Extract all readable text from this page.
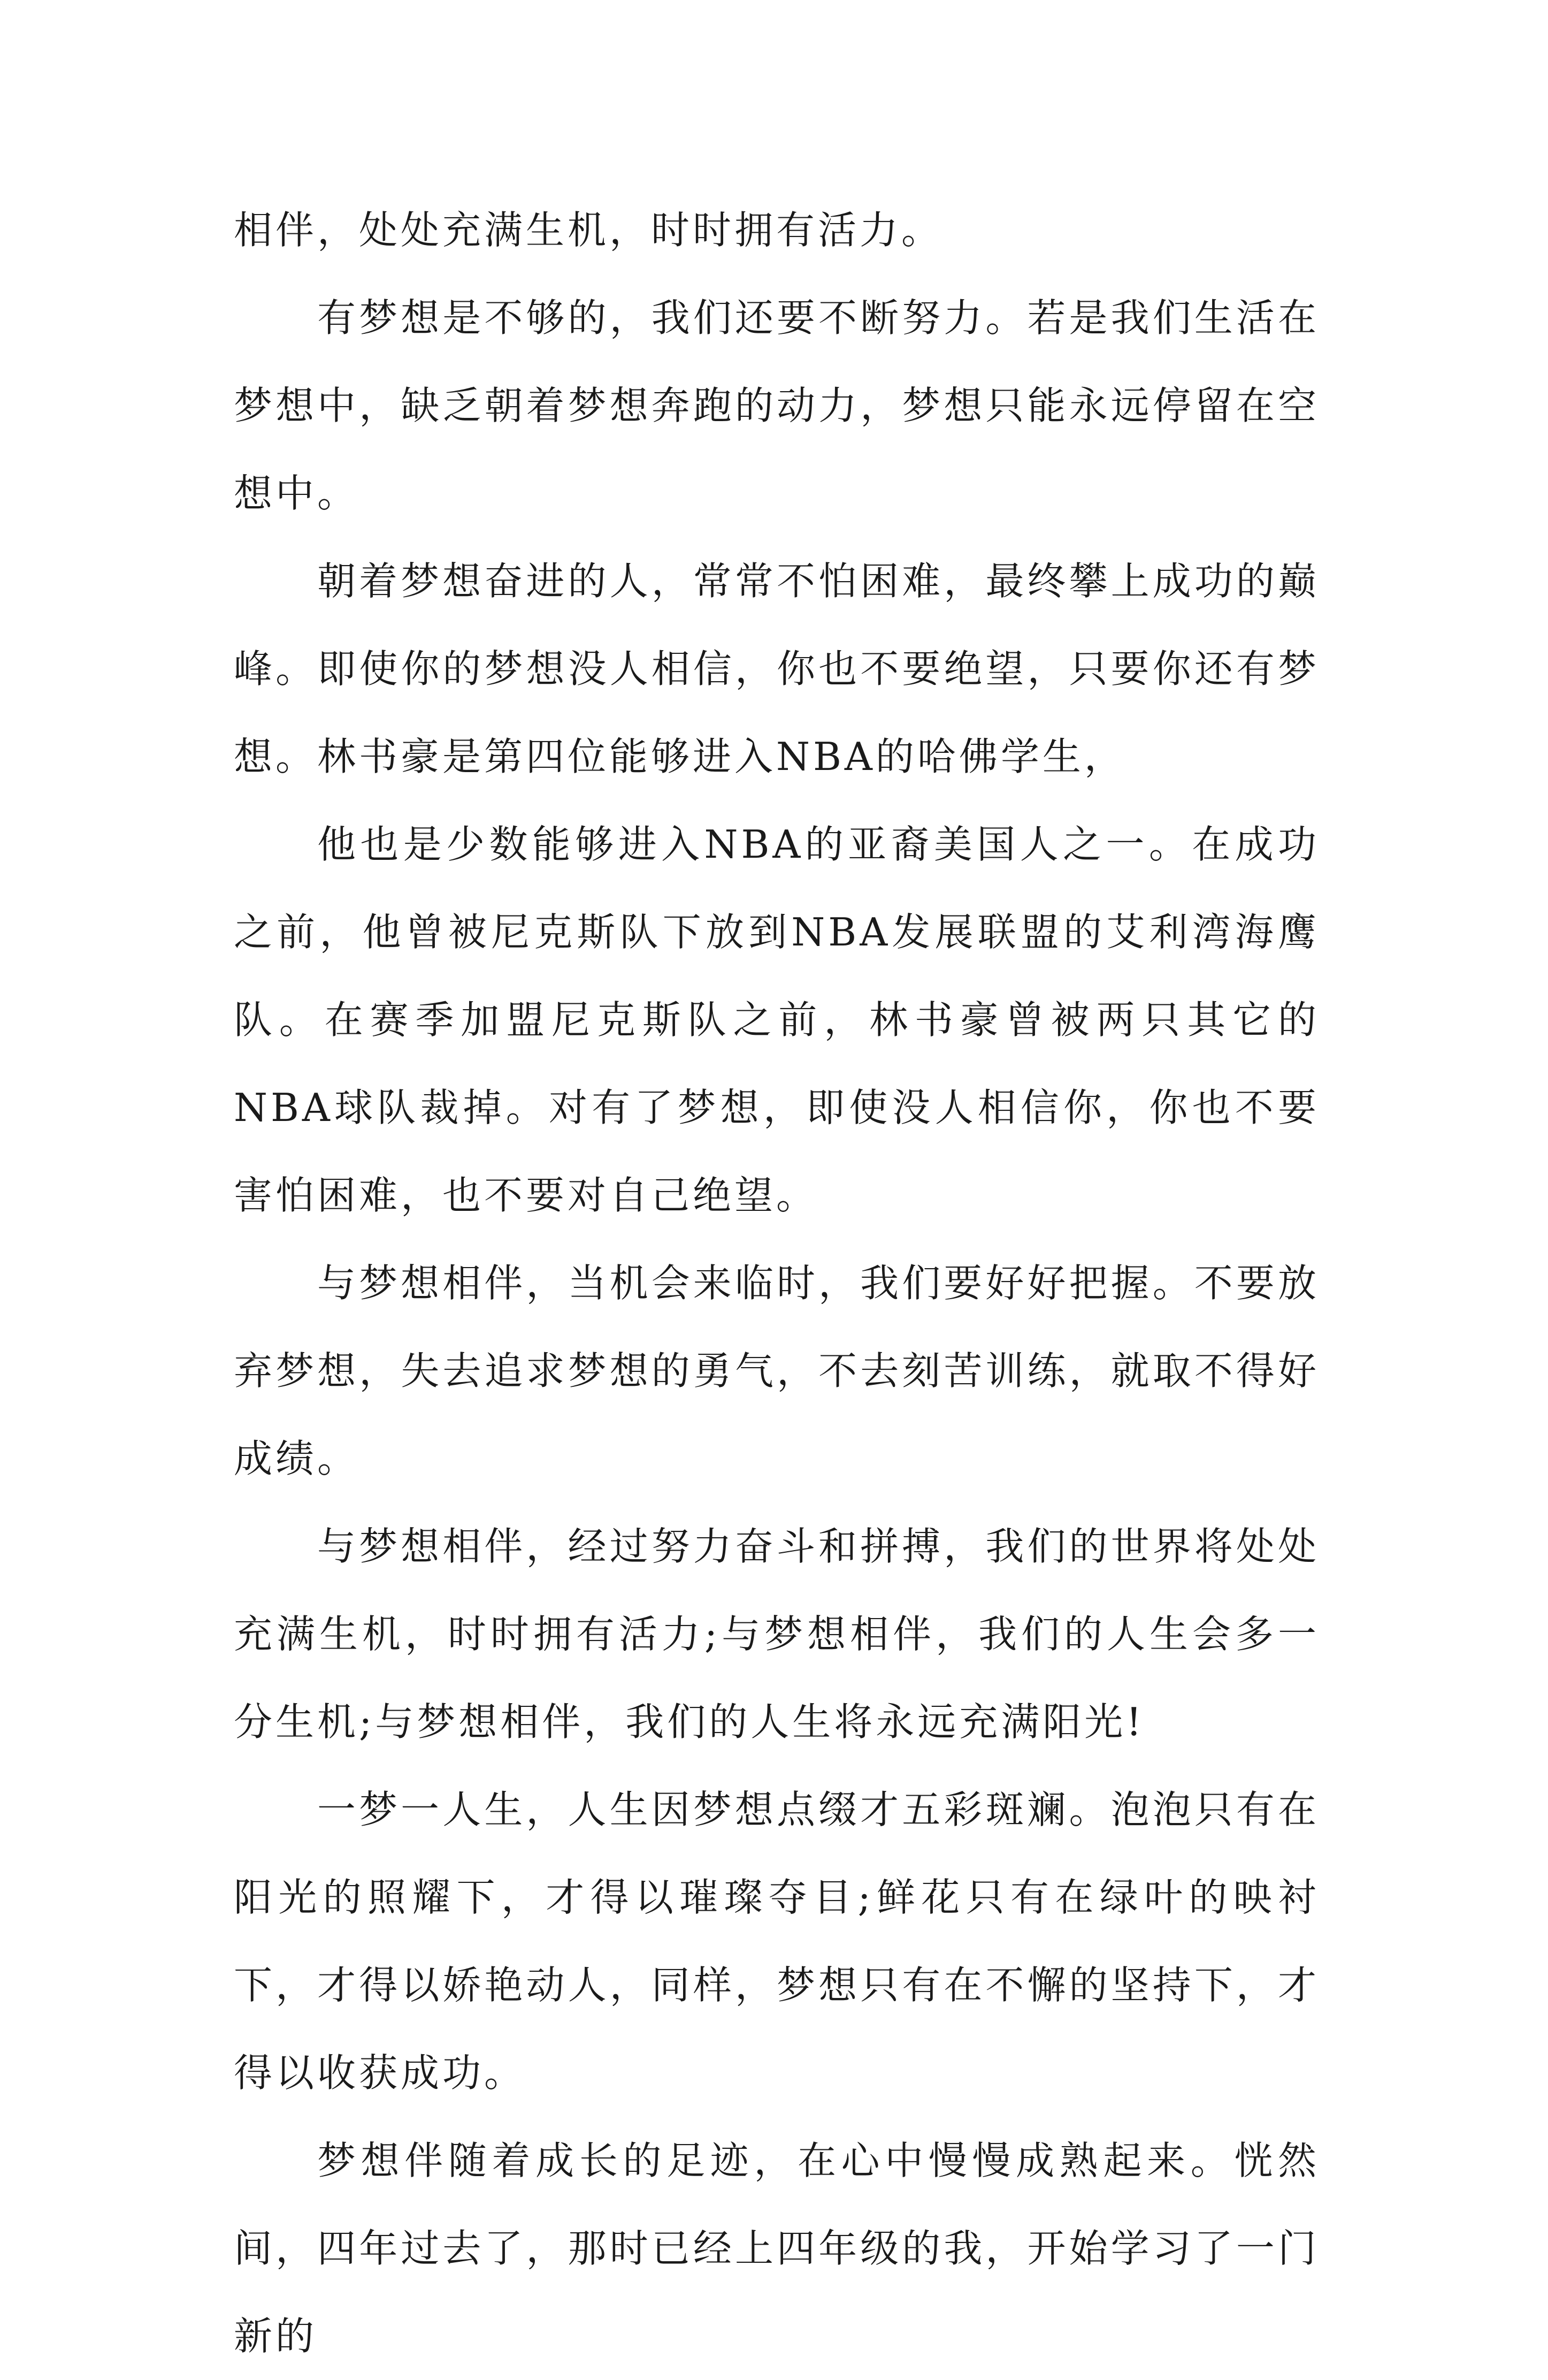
相伴，处处充满生机，时时拥有活力。

有梦想是不够的，我们还要不断努力。若是我们生活在梦想中，缺乏朝着梦想奔跑的动力，梦想只能永远停留在空想中。

朝着梦想奋进的人，常常不怕困难，最终攀上成功的巅峰。即使你的梦想没人相信，你也不要绝望，只要你还有梦想。林书豪是第四位能够进入NBA的哈佛学生，

他也是少数能够进入NBA的亚裔美国人之一。在成功之前，他曾被尼克斯队下放到NBA发展联盟的艾利湾海鹰队。在赛季加盟尼克斯队之前，林书豪曾被两只其它的NBA球队裁掉。对有了梦想，即使没人相信你，你也不要害怕困难，也不要对自己绝望。

与梦想相伴，当机会来临时，我们要好好把握。不要放弃梦想，失去追求梦想的勇气，不去刻苦训练，就取不得好成绩。

与梦想相伴，经过努力奋斗和拼搏，我们的世界将处处充满生机，时时拥有活力;与梦想相伴，我们的人生会多一分生机;与梦想相伴，我们的人生将永远充满阳光!

一梦一人生，人生因梦想点缀才五彩斑斓。泡泡只有在阳光的照耀下，才得以璀璨夺目;鲜花只有在绿叶的映衬下，才得以娇艳动人，同样，梦想只有在不懈的坚持下，才得以收获成功。

梦想伴随着成长的足迹，在心中慢慢成熟起来。恍然间，四年过去了，那时已经上四年级的我，开始学习了一门新的
